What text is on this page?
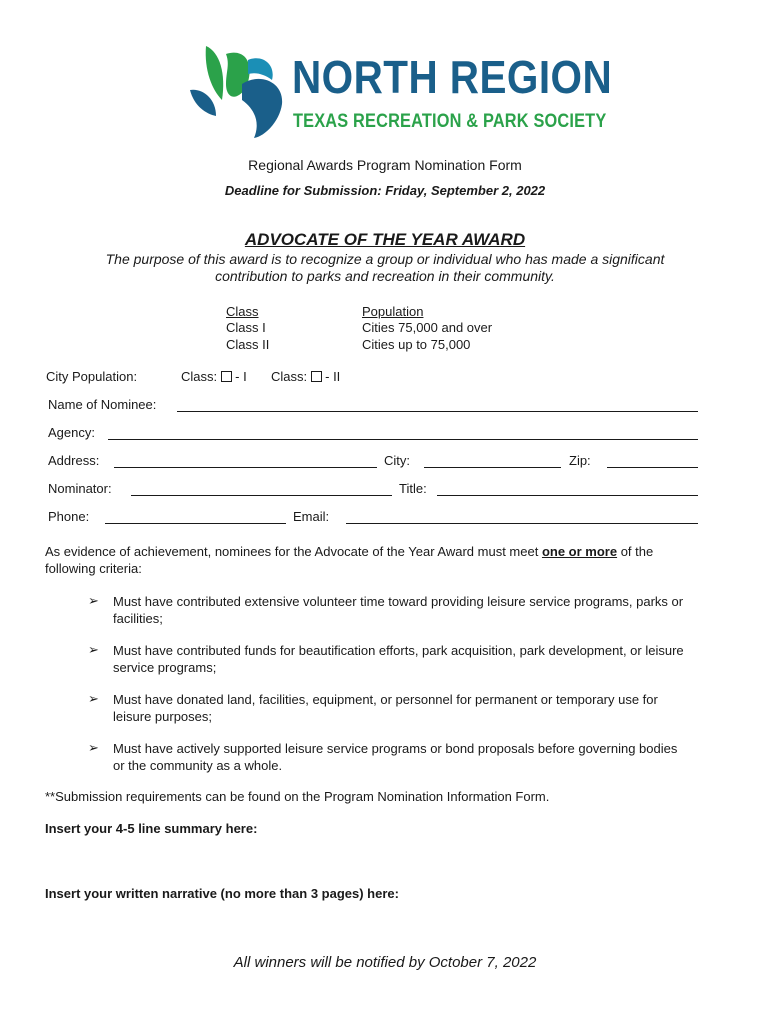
NORTH REGION
TEXAS RECREATION & PARK SOCIETY
Regional Awards Program Nomination Form
Deadline for Submission: Friday, September 2, 2022
ADVOCATE OF THE YEAR AWARD
The purpose of this award is to recognize a group or individual who has made a significant
contribution to parks and recreation in their community.
Class	Population
Class I	Cities 75,000 and over
Class II	Cities up to 75,000
City Population:	Class: - I Class: - II
Name of Nominee:
Agency:
Address:	City:	Zip:
Nominator:	Title:
Phone:	Email:
As evidence of achievement, nominees for the Advocate of the Year Award must meet one or more of the
following criteria:
➢ Must have contributed extensive volunteer time toward providing leisure service programs, parks or
facilities;
➢ Must have contributed funds for beautification efforts, park acquisition, park development, or leisure
service programs;
➢ Must have donated land, facilities, equipment, or personnel for permanent or temporary use for
leisure purposes;
➢ Must have actively supported leisure service programs or bond proposals before governing bodies
or the community as a whole.
**Submission requirements can be found on the Program Nomination Information Form.
Insert your 4-5 line summary here:
Insert your written narrative (no more than 3 pages) here:
All winners will be notified by October 7, 2022
